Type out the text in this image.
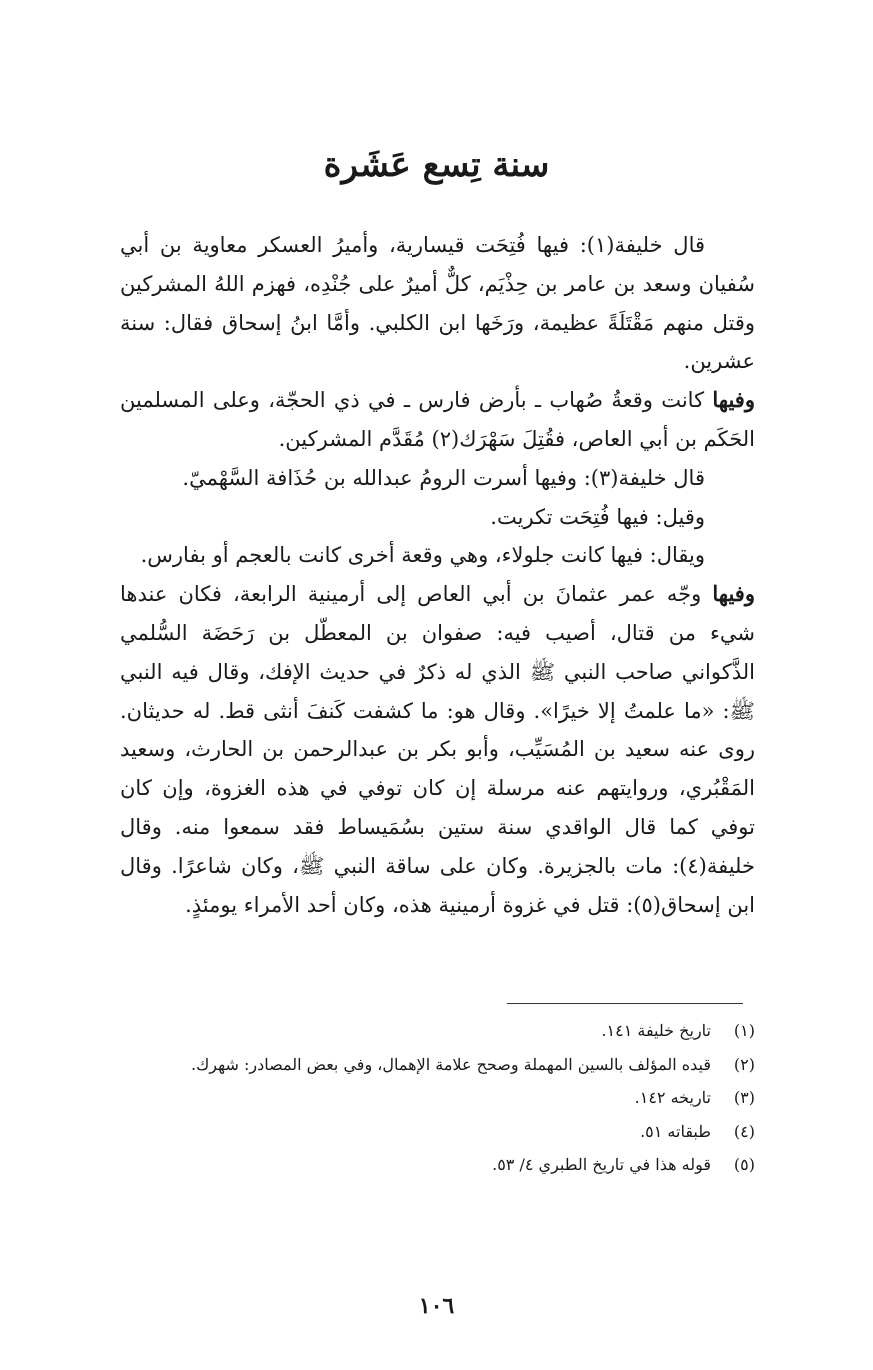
سنة تِسع عَشَرة

قال خليفة(١): فيها فُتِحَت قيسارية، وأميرُ العسكر معاوية بن أبي سُفيان وسعد بن عامر بن حِذْيَم، كلٌّ أميرٌ على جُنْدِه، فهزم اللهُ المشركين وقتل منهم مَقْتَلَةً عظيمة، ورَخَها ابن الكلبي. وأمَّا ابنُ إسحاق فقال: سنة عشرين.

وفيها كانت وقعةُ صُهاب ـ بأرض فارس ـ في ذي الحجّة، وعلى المسلمين الحَكَم بن أبي العاص، فقُتِلَ سَهْرَك(٢) مُقَدَّم المشركين.

قال خليفة(٣): وفيها أسرت الرومُ عبدالله بن حُذَافة السَّهْميّ.

وقيل: فيها فُتِحَت تكريت.

ويقال: فيها كانت جلولاء، وهي وقعة أخرى كانت بالعجم أو بفارس.

وفيها وجّه عمر عثمانَ بن أبي العاص إلى أرمينية الرابعة، فكان عندها شيء من قتال، أصيب فيه: صفوان بن المعطّل بن رَحَضَة السُّلمي الذَّكواني صاحب النبي ﷺ الذي له ذكرٌ في حديث الإفك، وقال فيه النبي ﷺ: «ما علمتُ إلا خيرًا». وقال هو: ما كشفت كَنفَ أنثى قط. له حديثان. روى عنه سعيد بن المُسَيِّب، وأبو بكر بن عبدالرحمن بن الحارث، وسعيد المَقْبُري، وروايتهم عنه مرسلة إن كان توفي في هذه الغزوة، وإن كان توفي كما قال الواقدي سنة ستين بسُمَيساط فقد سمعوا منه. وقال خليفة(٤): مات بالجزيرة. وكان على ساقة النبي ﷺ، وكان شاعرًا. وقال ابن إسحاق(٥): قتل في غزوة أرمينية هذه، وكان أحد الأمراء يومئذٍ.

(١)
تاريخ خليفة ١٤١.
(٢)
قيده المؤلف بالسين المهملة وصحح علامة الإهمال، وفي بعض المصادر: شهرك.
(٣)
تاريخه ١٤٢.
(٤)
طبقاته ٥١.
(٥)
قوله هذا في تاريخ الطبري ٤/ ٥٣.
١٠٦
